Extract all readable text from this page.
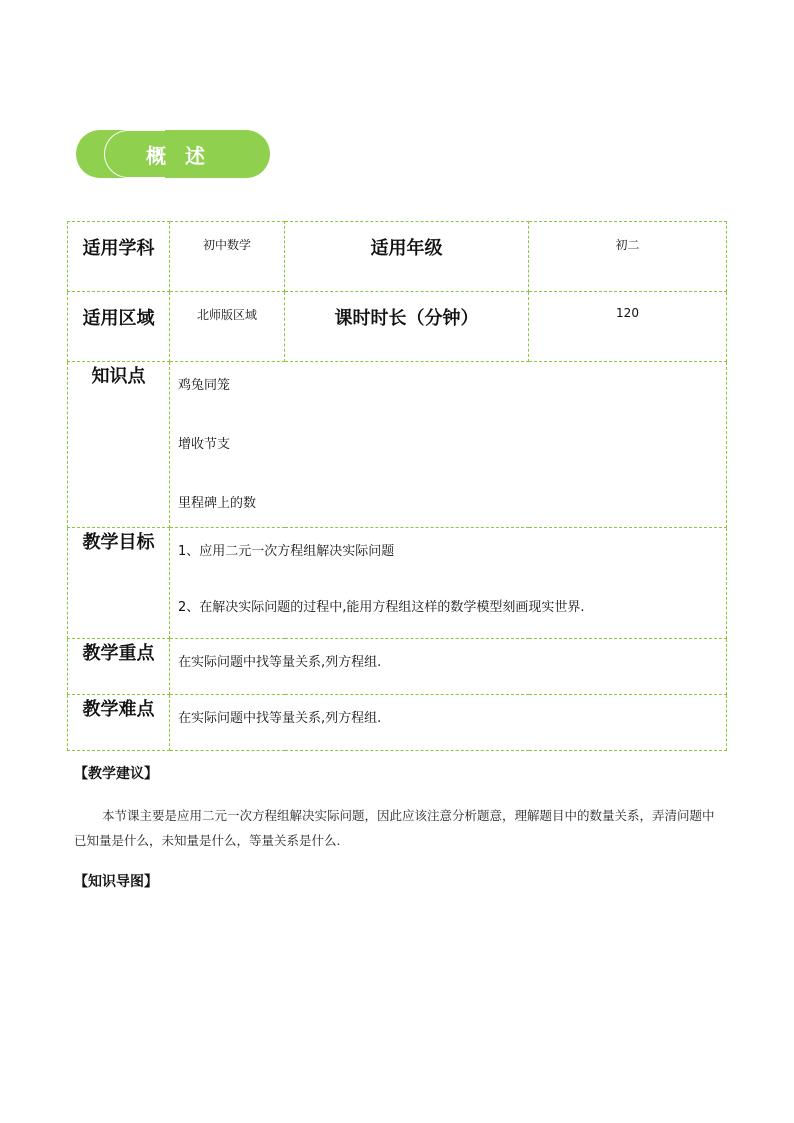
概 述
适用学科	初中数学	适用年级	初二
适用区域	北师版区域	课时时长（分钟）	120
知识点	鸡兔同笼

增收节支

里程碑上的数		

教学目标	1、应用二元一次方程组解决实际问题

2、在解决实际问题的过程中,能用方程组这样的数学模型刻画现实世界.		

教学重点	在实际问题中找等量关系,列方程组.		

教学难点	在实际问题中找等量关系,列方程组.		
【教学建议】
本节课主要是应用二元一次方程组解决实际问题，因此应该注意分析题意，理解题目中的数量关系，弄清问题中已知量是什么，未知量是什么，等量关系是什么.
【知识导图】
